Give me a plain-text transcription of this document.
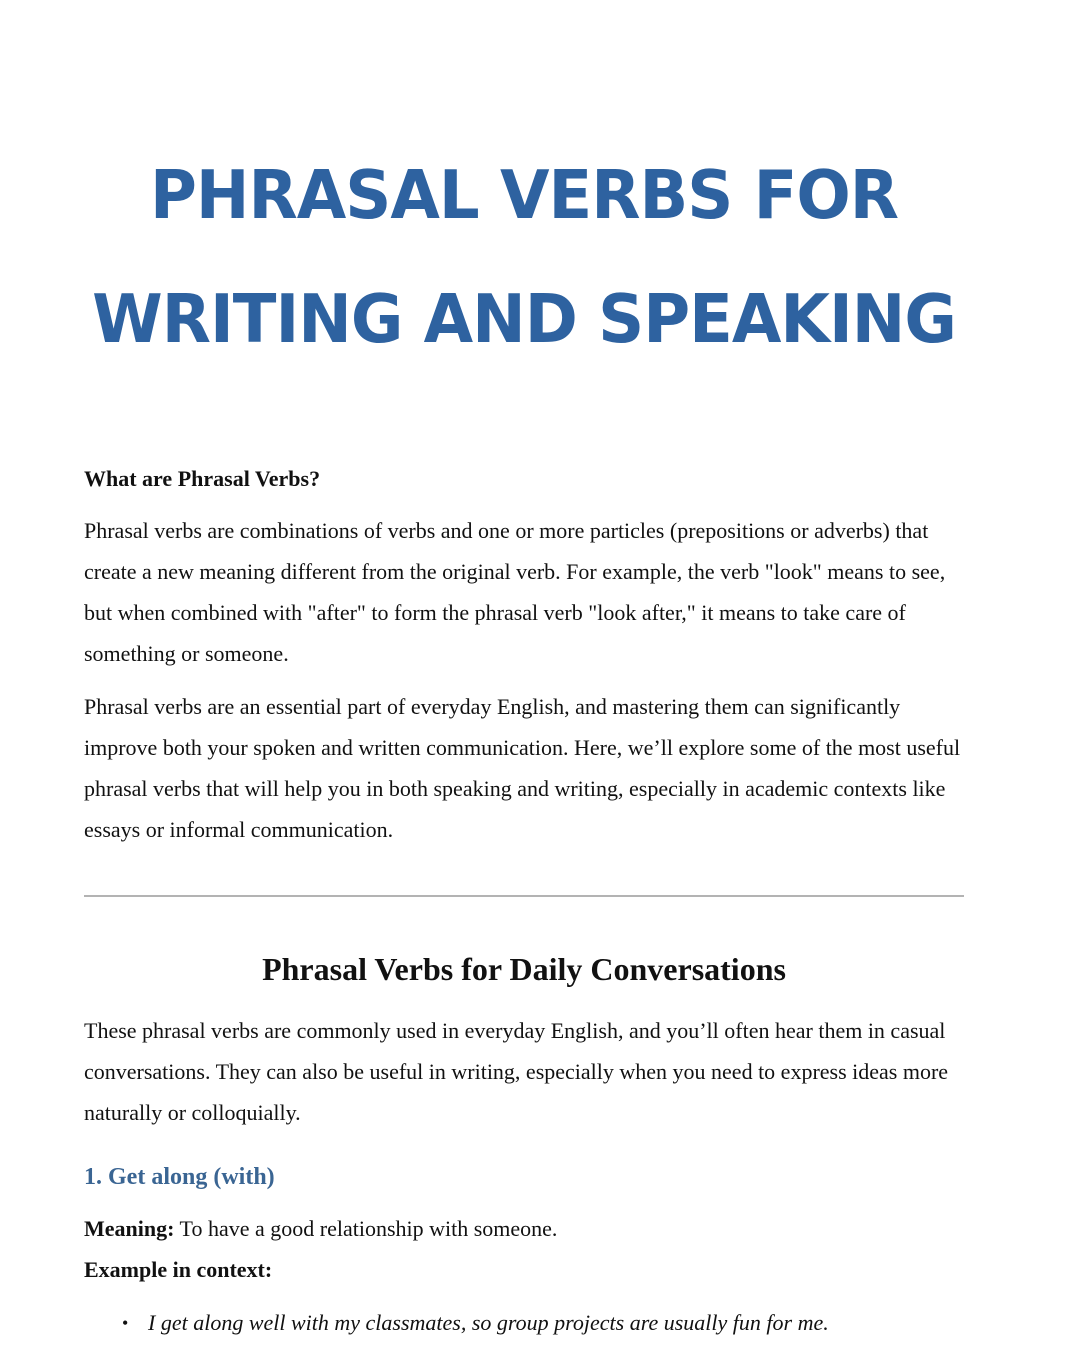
PHRASAL VERBS FOR
WRITING AND SPEAKING
What are Phrasal Verbs?

Phrasal verbs are combinations of verbs and one or more particles (prepositions or adverbs) that create a new meaning different from the original verb. For example, the verb "look" means to see, but when combined with "after" to form the phrasal verb "look after," it means to take care of something or someone.

Phrasal verbs are an essential part of everyday English, and mastering them can significantly improve both your spoken and written communication. Here, we’ll explore some of the most useful phrasal verbs that will help you in both speaking and writing, especially in academic contexts like essays or informal communication.

Phrasal Verbs for Daily Conversations

These phrasal verbs are commonly used in everyday English, and you’ll often hear them in casual conversations. They can also be useful in writing, especially when you need to express ideas more naturally or colloquially.

1. Get along (with)

Meaning: To have a good relationship with someone.

Example in context:

• I get along well with my classmates, so group projects are usually fun for me.
